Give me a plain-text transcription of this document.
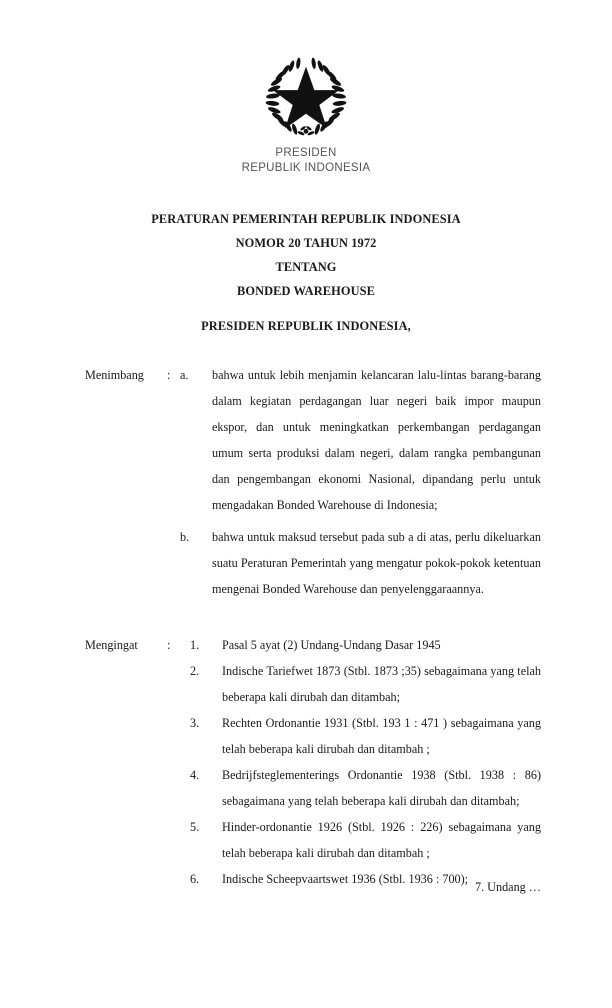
PRESIDEN
REPUBLIK INDONESIA
PERATURAN PEMERINTAH REPUBLIK INDONESIA
NOMOR 20 TAHUN 1972
TENTANG
BONDED WAREHOUSE
PRESIDEN REPUBLIK INDONESIA,
Menimbang	: a.	bahwa untuk lebih menjamin kelancaran lalu-lintas barang-barang dalam kegiatan perdagangan luar negeri baik impor maupun ekspor, dan untuk meningkatkan perkembangan perdagangan umum serta produksi dalam negeri, dalam rangka pembangunan dan pengembangan ekonomi Nasional, dipandang perlu untuk mengadakan Bonded Warehouse di Indonesia;
b.	bahwa untuk maksud tersebut pada sub a di atas, perlu dikeluarkan suatu Peraturan Pemerintah yang mengatur pokok-pokok ketentuan mengenai Bonded Warehouse dan penyelenggaraannya.
Mengingat	:	1.	Pasal 5 ayat (2) Undang-Undang Dasar 1945
2.	Indische Tariefwet 1873 (Stbl. 1873 ;35) sebagaimana yang telah beberapa kali dirubah dan ditambah;
3.	Rechten Ordonantie 1931 (Stbl. 193 1 : 471 ) sebagaimana yang telah beberapa kali dirubah dan ditambah ;
4.	Bedrijfsteglementerings Ordonantie 1938 (Stbl. 1938 : 86) sebagaimana yang telah beberapa kali dirubah dan ditambah;
5.	Hinder-ordonantie 1926 (Stbl. 1926 : 226) sebagaimana yang telah beberapa kali dirubah dan ditambah ;
6.	Indische Scheepvaartswet 1936 (Stbl. 1936 : 700);
7. Undang …
